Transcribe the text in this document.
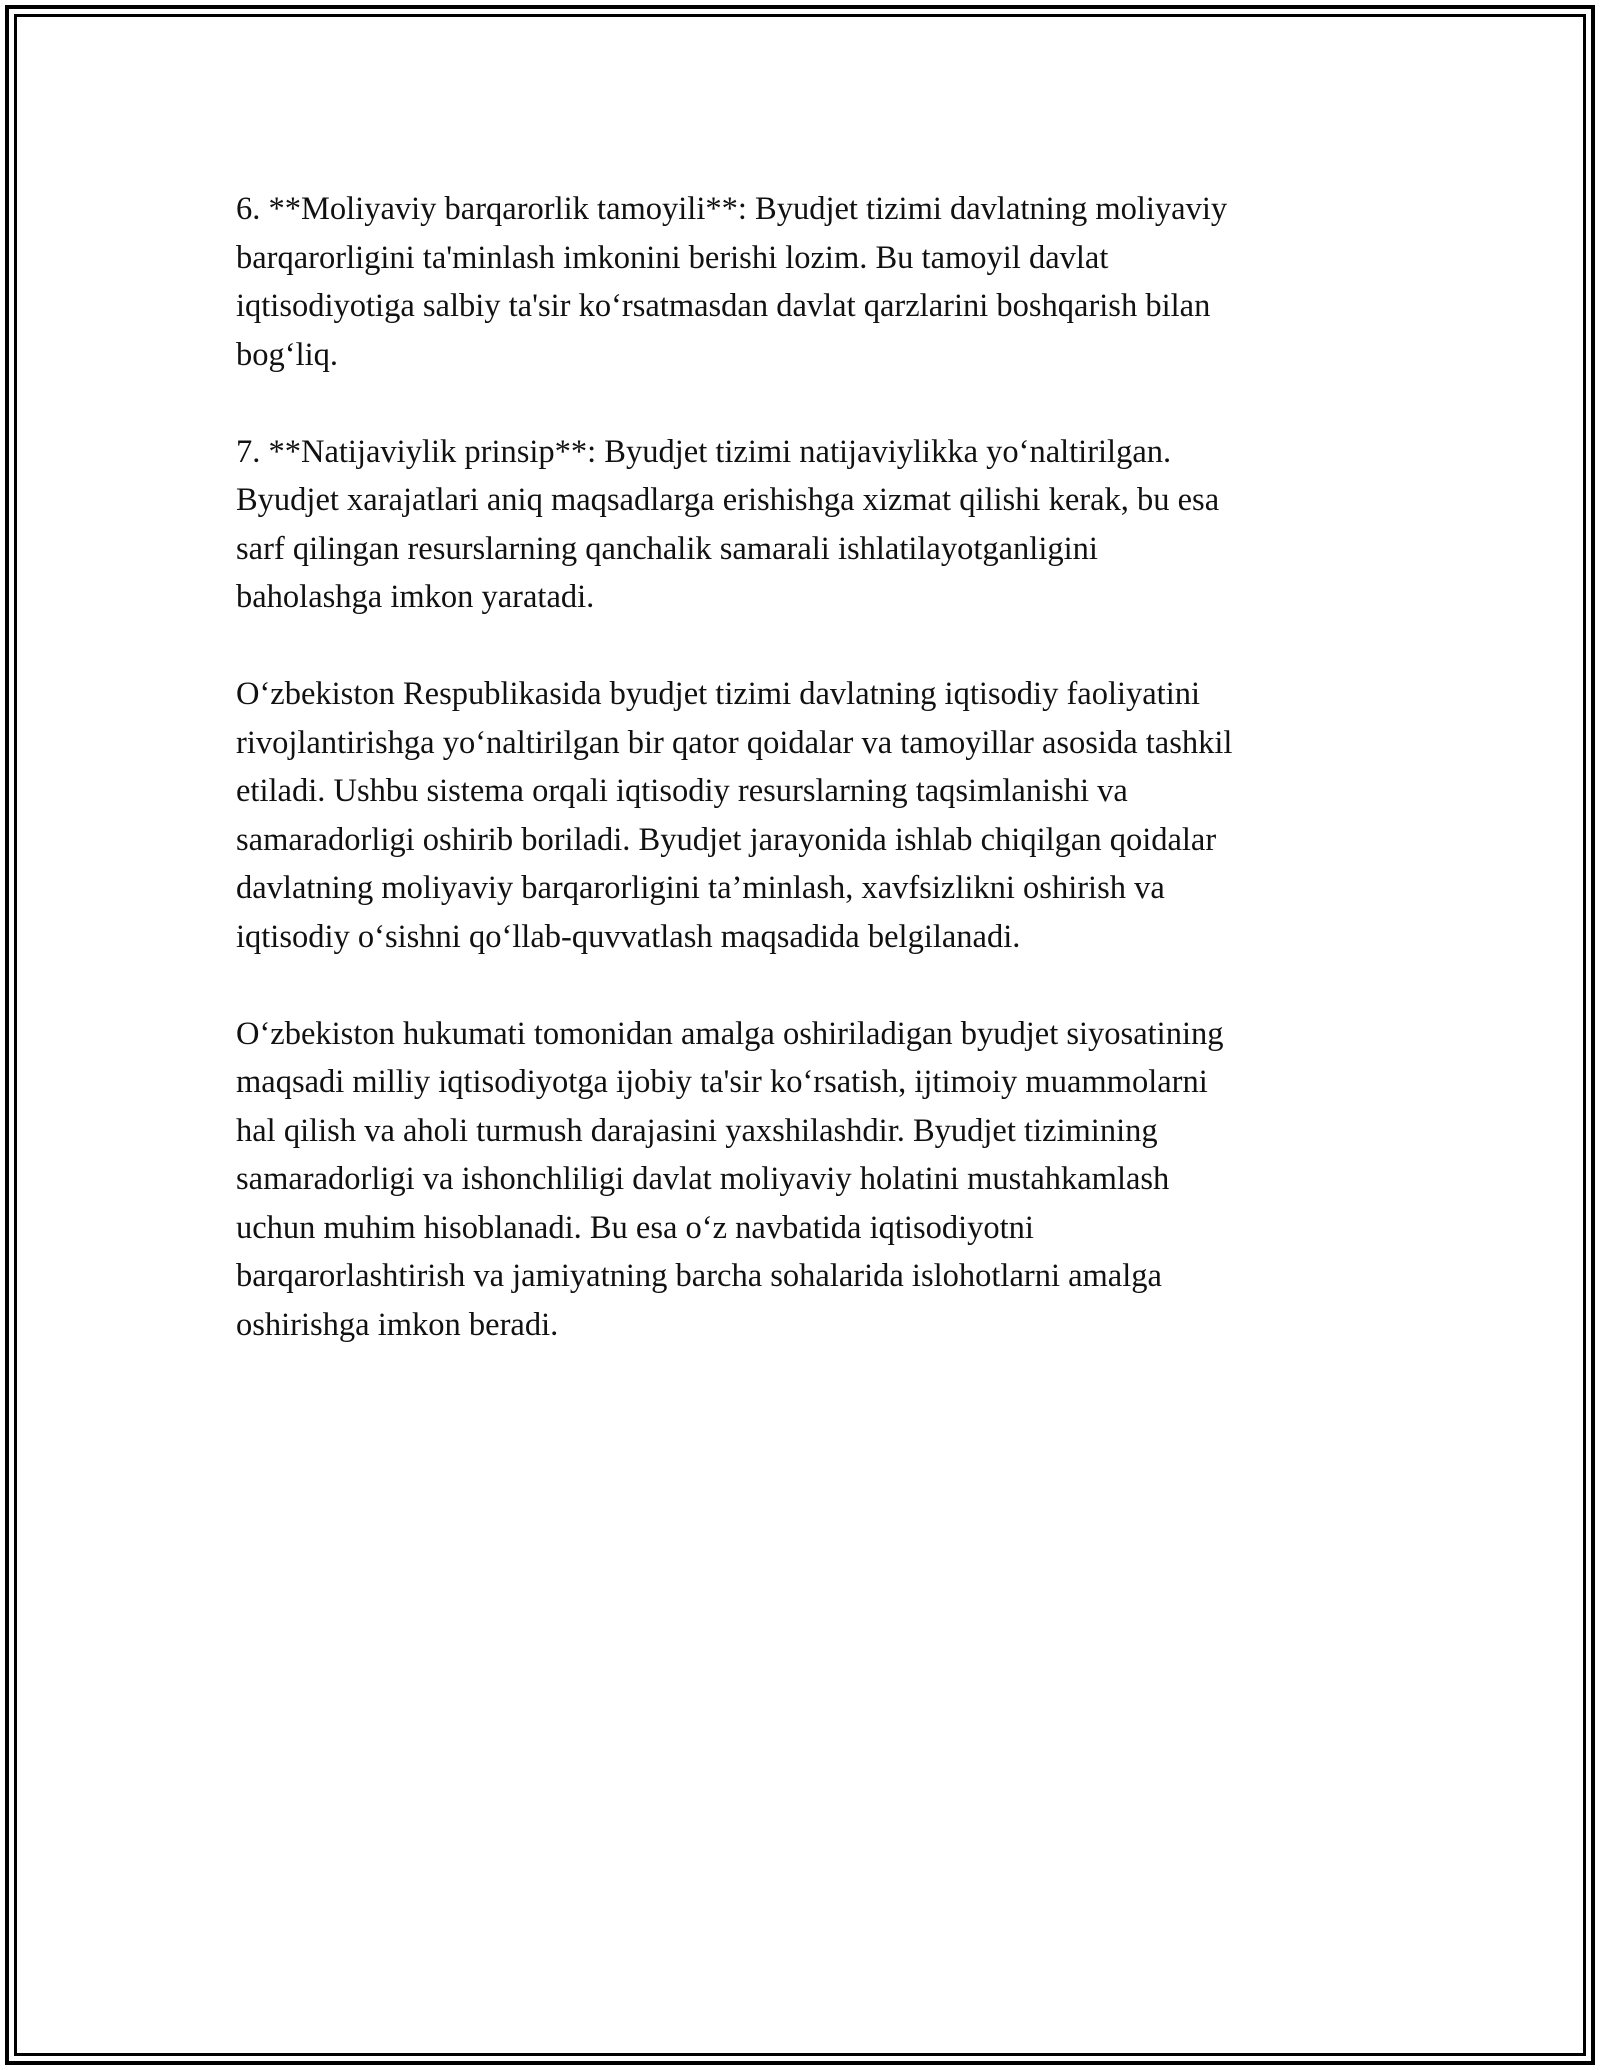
6. **Moliyaviy barqarorlik tamoyili**: Byudjet tizimi davlatning moliyaviy
barqarorligini ta'minlash imkonini berishi lozim. Bu tamoyil davlat
iqtisodiyotiga salbiy ta'sir ko‘rsatmasdan davlat qarzlarini boshqarish bilan
bog‘liq.

7. **Natijaviylik prinsip**: Byudjet tizimi natijaviylikka yo‘naltirilgan.
Byudjet xarajatlari aniq maqsadlarga erishishga xizmat qilishi kerak, bu esa
sarf qilingan resurslarning qanchalik samarali ishlatilayotganligini
baholashga imkon yaratadi.

O‘zbekiston Respublikasida byudjet tizimi davlatning iqtisodiy faoliyatini
rivojlantirishga yo‘naltirilgan bir qator qoidalar va tamoyillar asosida tashkil
etiladi. Ushbu sistema orqali iqtisodiy resurslarning taqsimlanishi va
samaradorligi oshirib boriladi. Byudjet jarayonida ishlab chiqilgan qoidalar
davlatning moliyaviy barqarorligini ta’minlash, xavfsizlikni oshirish va
iqtisodiy o‘sishni qo‘llab-quvvatlash maqsadida belgilanadi.

O‘zbekiston hukumati tomonidan amalga oshiriladigan byudjet siyosatining
maqsadi milliy iqtisodiyotga ijobiy ta'sir ko‘rsatish, ijtimoiy muammolarni
hal qilish va aholi turmush darajasini yaxshilashdir. Byudjet tizimining
samaradorligi va ishonchliligi davlat moliyaviy holatini mustahkamlash
uchun muhim hisoblanadi. Bu esa o‘z navbatida iqtisodiyotni
barqarorlashtirish va jamiyatning barcha sohalarida islohotlarni amalga
oshirishga imkon beradi.
